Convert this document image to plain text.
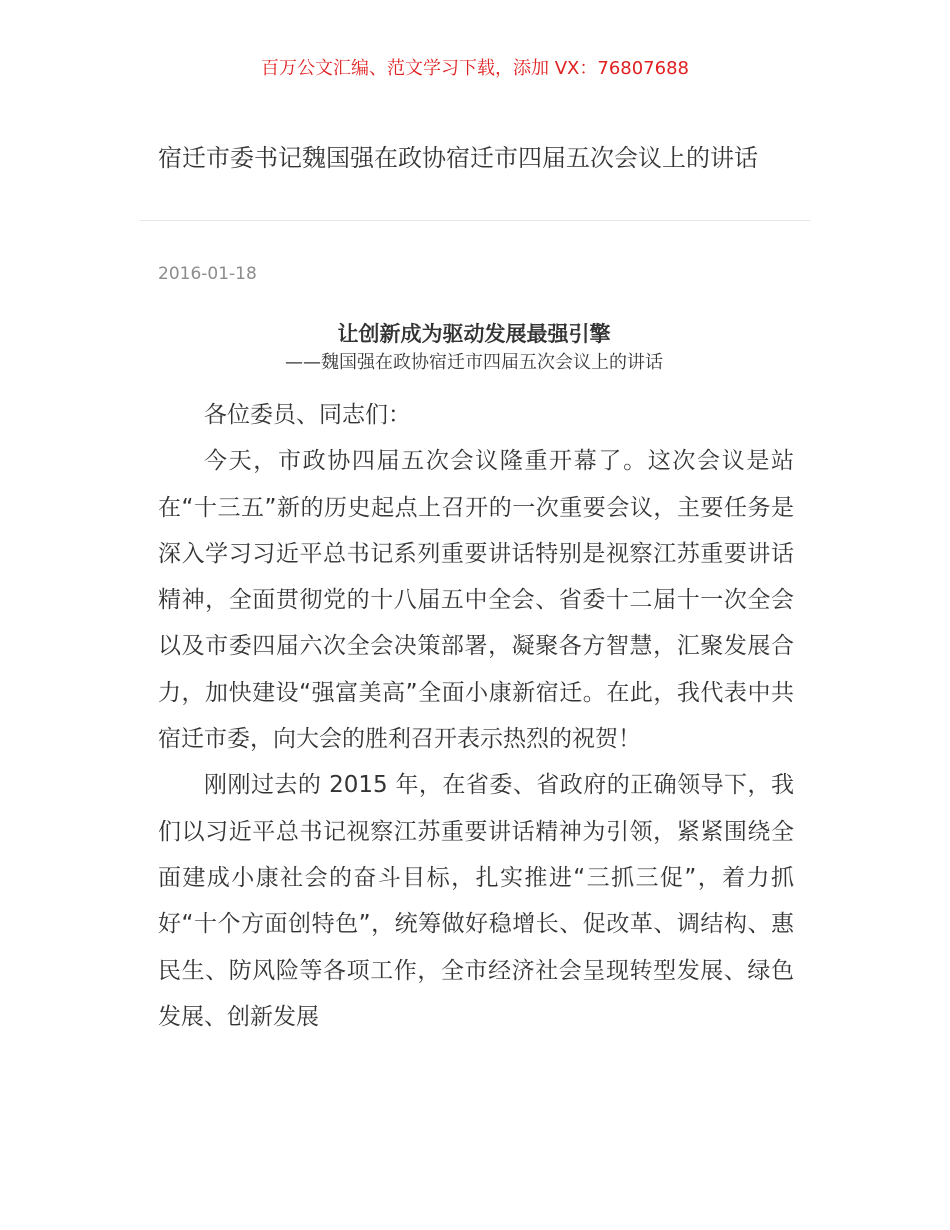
百万公文汇编、范文学习下载，添加 VX：76807688
宿迁市委书记魏国强在政协宿迁市四届五次会议上的讲话
2016-01-18
让创新成为驱动发展最强引擎
——魏国强在政协宿迁市四届五次会议上的讲话

各位委员、同志们：

今天，市政协四届五次会议隆重开幕了。这次会议是站在“十三五”新的历史起点上召开的一次重要会议，主要任务是深入学习习近平总书记系列重要讲话特别是视察江苏重要讲话精神，全面贯彻党的十八届五中全会、省委十二届十一次全会以及市委四届六次全会决策部署，凝聚各方智慧，汇聚发展合力，加快建设“强富美高”全面小康新宿迁。在此，我代表中共宿迁市委，向大会的胜利召开表示热烈的祝贺！

刚刚过去的 2015 年，在省委、省政府的正确领导下，我们以习近平总书记视察江苏重要讲话精神为引领，紧紧围绕全面建成小康社会的奋斗目标，扎实推进“三抓三促”，着力抓好“十个方面创特色”，统筹做好稳增长、促改革、调结构、惠民生、防风险等各项工作，全市经济社会呈现转型发展、绿色发展、创新发展
